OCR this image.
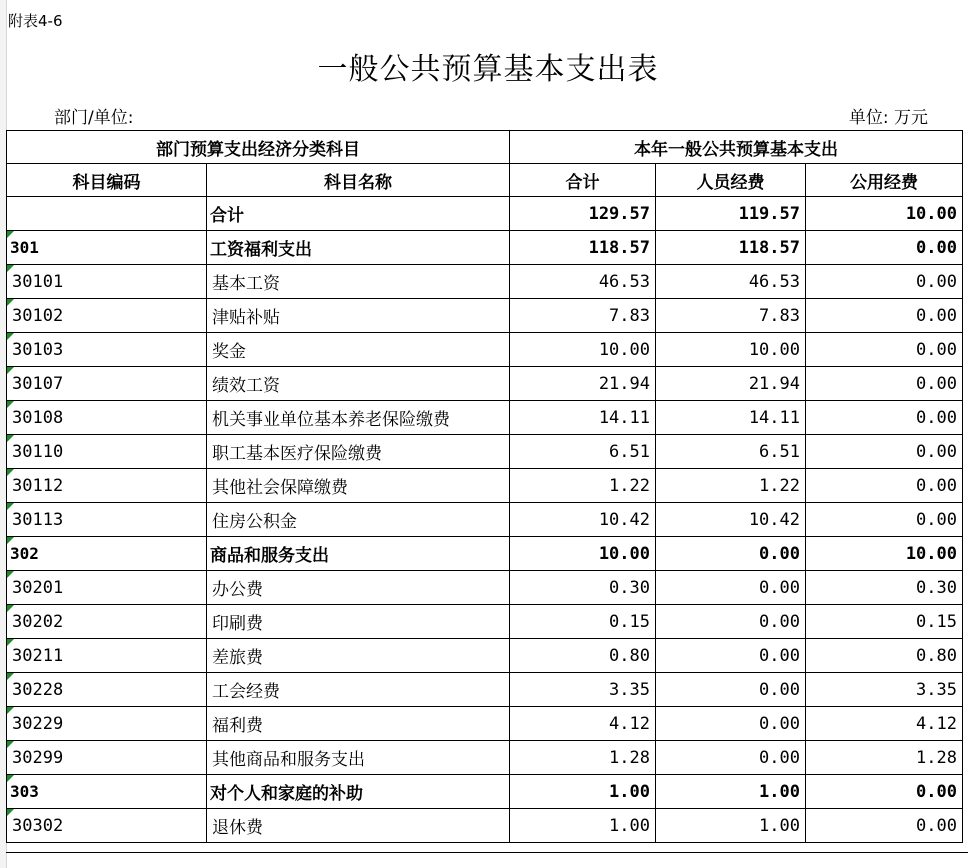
附表4-6
一般公共预算基本支出表
部门/单位:	单位: 万元
部门预算支出经济分类科目		本年一般公共预算基本支出		
科目编码	科目名称	合计	人员经费	公用经费
	合计	129.57	119.57	10.00

301	工资福利支出	118.57	118.57	0.00

30101	基本工资	46.53	46.53	0.00

30102	津贴补贴	7.83	7.83	0.00

30103	奖金	10.00	10.00	0.00

30107	绩效工资	21.94	21.94	0.00

30108	机关事业单位基本养老保险缴费	14.11	14.11	0.00

30110	职工基本医疗保险缴费	6.51	6.51	0.00

30112	其他社会保障缴费	1.22	1.22	0.00

30113	住房公积金	10.42	10.42	0.00

302	商品和服务支出	10.00	0.00	10.00

30201	办公费	0.30	0.00	0.30

30202	印刷费	0.15	0.00	0.15

30211	差旅费	0.80	0.00	0.80

30228	工会经费	3.35	0.00	3.35

30229	福利费	4.12	0.00	4.12

30299	其他商品和服务支出	1.28	0.00	1.28

303	对个人和家庭的补助	1.00	1.00	0.00

30302	退休费	1.00	1.00	0.00
